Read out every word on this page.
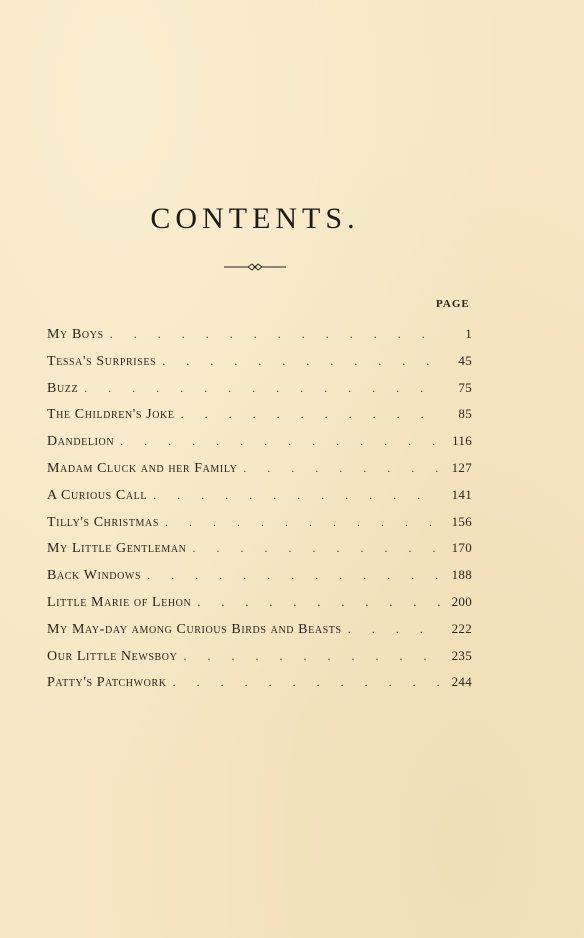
CONTENTS.
PAGE
My Boys . . .	1
Tessa's Surprises . . .	45
Buzz . . .	75
The Children's Joke . . .	85
Dandelion . . .	116
Madam Cluck and her Family . . .	127
A Curious Call . . .	141
Tilly's Christmas . . .	156
My Little Gentleman . . .	170
Back Windows . . .	188
Little Marie of Lehon . . .	200
My May-day among Curious Birds and Beasts . . .	222
Our Little Newsboy . . .	235
Patty's Patchwork . . .	244
